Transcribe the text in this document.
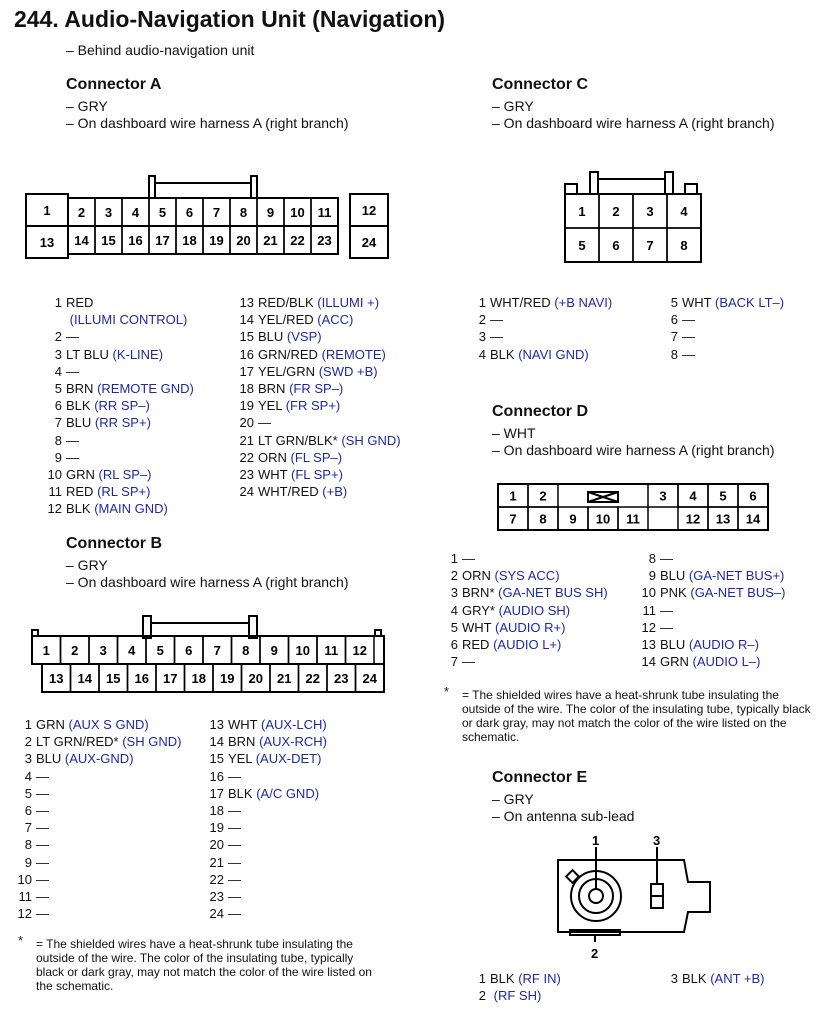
244. Audio-Navigation Unit (Navigation)
– Behind audio-navigation unit
Connector A
– GRY
– On dashboard wire harness A (right branch)
1 2 3 4 5 6 7 8 9 10 11 12
13 14 15 16 17 18 19 20 21 22 23 24
1 RED
(ILLUMI CONTROL)
2 —
3 LT BLU (K-LINE)
4 —
5 BRN (REMOTE GND)
6 BLK (RR SP–)
7 BLU (RR SP+)
8 —
9 —
10 GRN (RL SP–)
11 RED (RL SP+)
12 BLK (MAIN GND)
13 RED/BLK (ILLUMI +)
14 YEL/RED (ACC)
15 BLU (VSP)
16 GRN/RED (REMOTE)
17 YEL/GRN (SWD +B)
18 BRN (FR SP–)
19 YEL (FR SP+)
20 —
21 LT GRN/BLK* (SH GND)
22 ORN (FL SP–)
23 WHT (FL SP+)
24 WHT/RED (+B)
Connector B
– GRY
– On dashboard wire harness A (right branch)
1 2 3 4 5 6 7 8 9 10 11 12
13 14 15 16 17 18 19 20 21 22 23 24
1 GRN (AUX S GND)
2 LT GRN/RED* (SH GND)
3 BLU (AUX-GND)
4 —
5 —
6 —
7 —
8 —
9 —
10 —
11 —
12 —
13 WHT (AUX-LCH)
14 BRN (AUX-RCH)
15 YEL (AUX-DET)
16 —
17 BLK (A/C GND)
18 —
19 —
20 —
21 —
22 —
23 —
24 —
* = The shielded wires have a heat-shrunk tube insulating the outside of the wire. The color of the insulating tube, typically black or dark gray, may not match the color of the wire listed on the schematic.
Connector C
– GRY
– On dashboard wire harness A (right branch)
1 2 3 4
5 6 7 8
1 WHT/RED (+B NAVI)
2 —
3 —
4 BLK (NAVI GND)
5 WHT (BACK LT–)
6 —
7 —
8 —
Connector D
– WHT
– On dashboard wire harness A (right branch)
1 2	3 4 5 6
7 8 9 10 11	12 13 14
1 —
2 ORN (SYS ACC)
3 BRN* (GA-NET BUS SH)
4 GRY* (AUDIO SH)
5 WHT (AUDIO R+)
6 RED (AUDIO L+)
7 —
8 —
9 BLU (GA-NET BUS+)
10 PNK (GA-NET BUS–)
11 —
12 —
13 BLU (AUDIO R–)
14 GRN (AUDIO L–)
* = The shielded wires have a heat-shrunk tube insulating the outside of the wire. The color of the insulating tube, typically black or dark gray, may not match the color of the wire listed on the schematic.
Connector E
– GRY
– On antenna sub-lead
1	3
2
1 BLK (RF IN)
2 (RF SH)
3 BLK (ANT +B)
